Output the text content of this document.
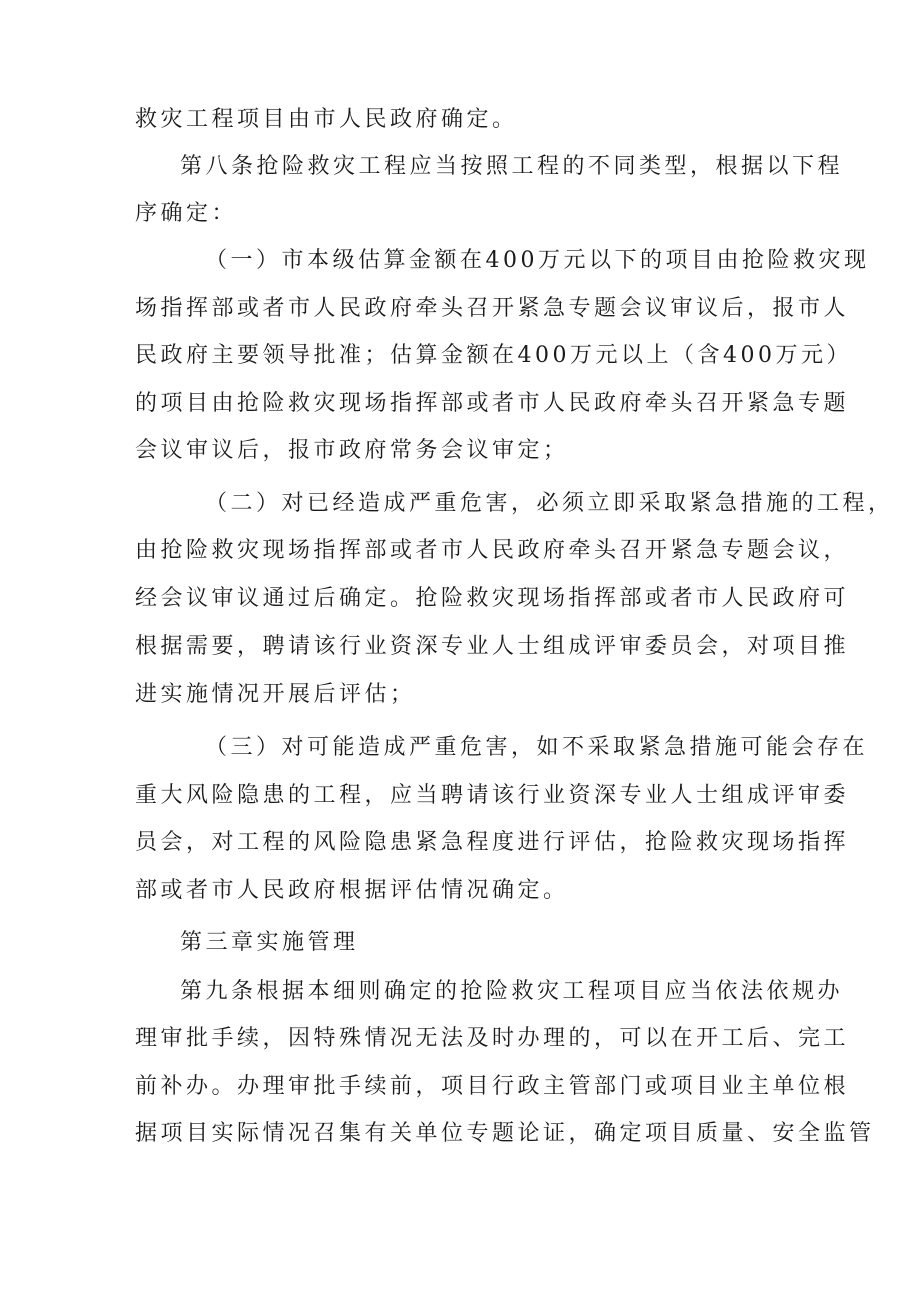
救灾工程项目由市人民政府确定。
第八条抢险救灾工程应当按照工程的不同类型，根据以下程
序确定：
（一）市本级估算金额在400万元以下的项目由抢险救灾现
场指挥部或者市人民政府牵头召开紧急专题会议审议后，报市人
民政府主要领导批准；估算金额在400万元以上（含400万元）
的项目由抢险救灾现场指挥部或者市人民政府牵头召开紧急专题
会议审议后，报市政府常务会议审定；
（二）对已经造成严重危害，必须立即采取紧急措施的工程，
由抢险救灾现场指挥部或者市人民政府牵头召开紧急专题会议，
经会议审议通过后确定。抢险救灾现场指挥部或者市人民政府可
根据需要，聘请该行业资深专业人士组成评审委员会，对项目推
进实施情况开展后评估；
（三）对可能造成严重危害，如不采取紧急措施可能会存在
重大风险隐患的工程，应当聘请该行业资深专业人士组成评审委
员会，对工程的风险隐患紧急程度进行评估，抢险救灾现场指挥
部或者市人民政府根据评估情况确定。
第三章实施管理
第九条根据本细则确定的抢险救灾工程项目应当依法依规办
理审批手续，因特殊情况无法及时办理的，可以在开工后、完工
前补办。办理审批手续前，项目行政主管部门或项目业主单位根
据项目实际情况召集有关单位专题论证，确定项目质量、安全监管
